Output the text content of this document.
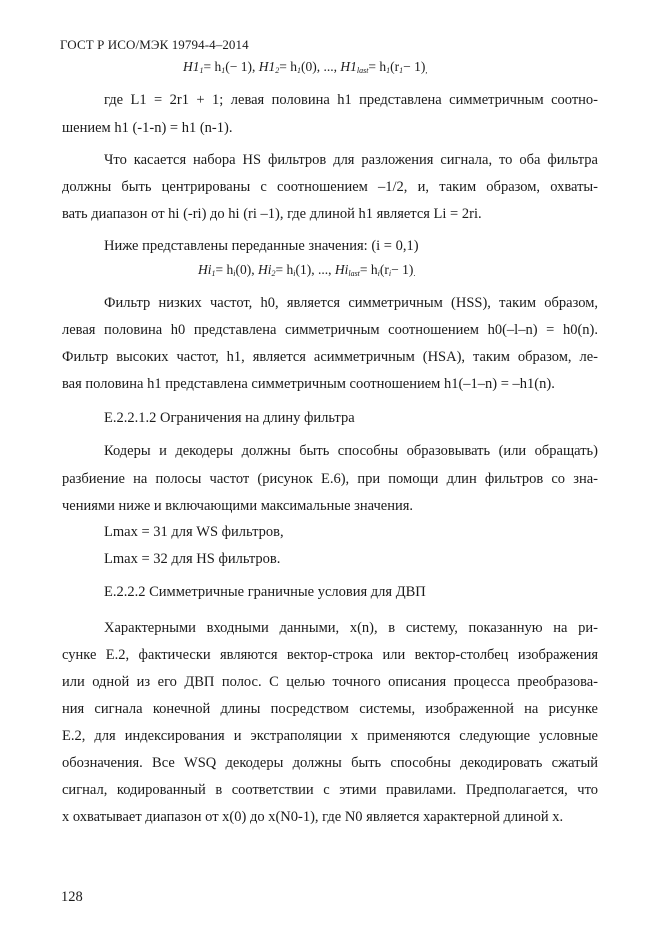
ГОСТ Р ИСО/МЭК 19794-4–2014
$H1_1= h_1(- 1)$, $H1_2= h_1(0)$, ..., $H1_{last}= h_1(r_1- 1)_,$
где L1 = 2r1 + 1; левая половина h1 представлена симметричным соотно-
шением h1 (-1-n) = h1 (n-1).
Что касается набора HS фильтров для разложения сигнала, то оба фильтра
должны быть центрированы с соотношением –1/2, и, таким образом, охваты-
вать диапазон от hi (-ri) до hi (ri –1), где длиной h1 является Li = 2ri.
Ниже представлены переданные значения: (i = 0,1)
$Hi_1= h_i(0)$, $Hi_2= h_i(1)$, ..., $Hi_{last}= h_i(r_i- 1)_.$
Фильтр низких частот, h0, является симметричным (HSS), таким образом,
левая половина h0 представлена симметричным соотношением h0(–l–n) = h0(n).
Фильтр высоких частот, h1, является асимметричным (HSA), таким образом, ле-
вая половина h1 представлена симметричным соотношением h1(–1–n) = –h1(n).
E.2.2.1.2 Ограничения на длину фильтра
Кодеры и декодеры должны быть способны образовывать (или обращать)
разбиение на полосы частот (рисунок E.6), при помощи длин фильтров со зна-
чениями ниже и включающими максимальные значения.
Lmax = 31 для WS фильтров,
Lmax = 32 для HS фильтров.
E.2.2.2 Симметричные граничные условия для ДВП
Характерными входными данными, x(n), в систему, показанную на ри-
сунке E.2, фактически являются вектор-строка или вектор-столбец изображения
или одной из его ДВП полос. С целью точного описания процесса преобразова-
ния сигнала конечной длины посредством системы, изображенной на рисунке
E.2, для индексирования и экстраполяции x применяются следующие условные
обозначения. Все WSQ декодеры должны быть способны декодировать сжатый
сигнал, кодированный в соответствии с этими правилами. Предполагается, что
x охватывает диапазон от x(0) до x(N0-1), где N0 является характерной длиной x.
128
